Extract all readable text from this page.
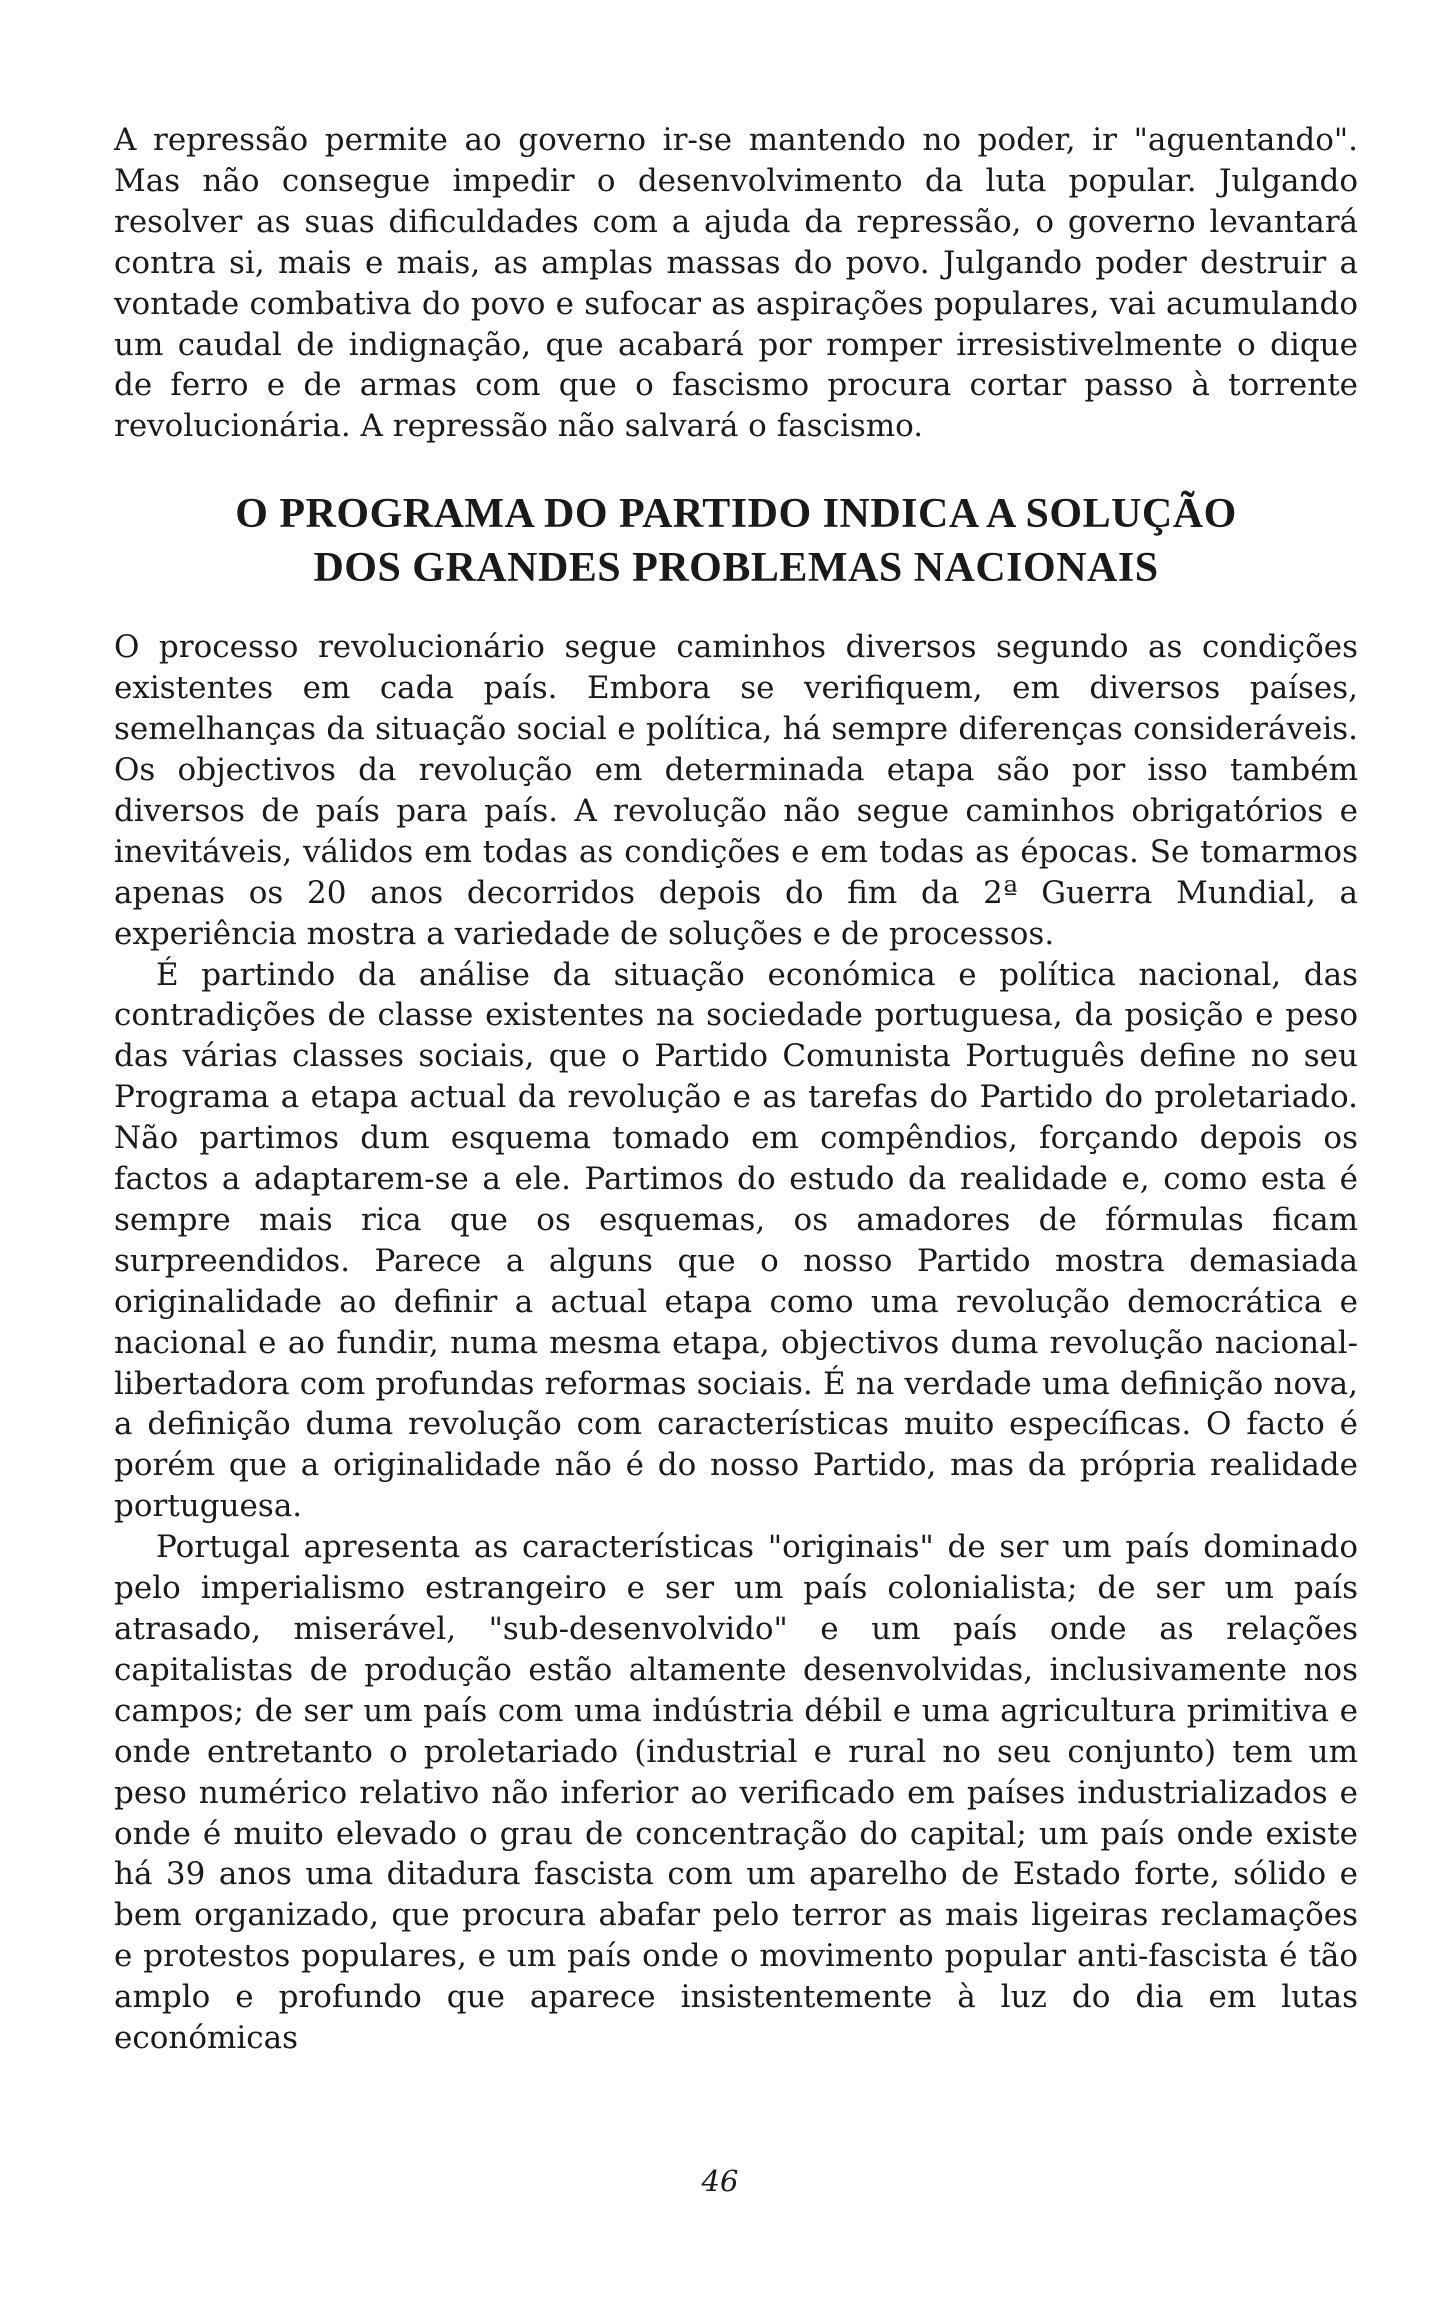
A repressão permite ao governo ir-se mantendo no poder, ir "aguentando". Mas não consegue impedir o desenvolvimento da luta popular. Julgando resolver as suas dificuldades com a ajuda da repressão, o governo levantará contra si, mais e mais, as amplas massas do povo. Julgando poder destruir a vontade combativa do povo e sufocar as aspirações populares, vai acumulando um caudal de indignação, que acabará por romper irresistivelmente o dique de ferro e de armas com que o fascismo procura cortar passo à torrente revolucionária. A repressão não salvará o fascismo.

O PROGRAMA DO PARTIDO INDICA A SOLUÇÃO
DOS GRANDES PROBLEMAS NACIONAIS

O processo revolucionário segue caminhos diversos segundo as condições existentes em cada país. Embora se verifiquem, em diversos países, semelhanças da situação social e política, há sempre diferenças consideráveis. Os objectivos da revolução em determinada etapa são por isso também diversos de país para país. A revolução não segue caminhos obrigatórios e inevitáveis, válidos em todas as condições e em todas as épocas. Se tomarmos apenas os 20 anos decorridos depois do fim da 2ª Guerra Mundial, a experiência mostra a variedade de soluções e de processos.

É partindo da análise da situação económica e política nacional, das contradições de classe existentes na sociedade portuguesa, da posição e peso das várias classes sociais, que o Partido Comunista Português define no seu Programa a etapa actual da revolução e as tarefas do Partido do proletariado. Não partimos dum esquema tomado em compêndios, forçando depois os factos a adaptarem-se a ele. Partimos do estudo da realidade e, como esta é sempre mais rica que os esquemas, os amadores de fórmulas ficam surpreendidos. Parece a alguns que o nosso Partido mostra demasiada originalidade ao definir a actual etapa como uma revolução democrática e nacional e ao fundir, numa mesma etapa, objectivos duma revolução nacional-libertadora com profundas reformas sociais. É na verdade uma definição nova, a definição duma revolução com características muito específicas. O facto é porém que a originalidade não é do nosso Partido, mas da própria realidade portuguesa.

Portugal apresenta as características "originais" de ser um país dominado pelo imperialismo estrangeiro e ser um país colonialista; de ser um país atrasado, miserável, "sub-desenvolvido" e um país onde as relações capitalistas de produção estão altamente desenvolvidas, inclusivamente nos campos; de ser um país com uma indústria débil e uma agricultura primitiva e onde entretanto o proletariado (industrial e rural no seu conjunto) tem um peso numérico relativo não inferior ao verificado em países industrializados e onde é muito elevado o grau de concentração do capital; um país onde existe há 39 anos uma ditadura fascista com um aparelho de Estado forte, sólido e bem organizado, que procura abafar pelo terror as mais ligeiras reclamações e protestos populares, e um país onde o movimento popular anti-fascista é tão amplo e profundo que aparece insistentemente à luz do dia em lutas económicas

46
